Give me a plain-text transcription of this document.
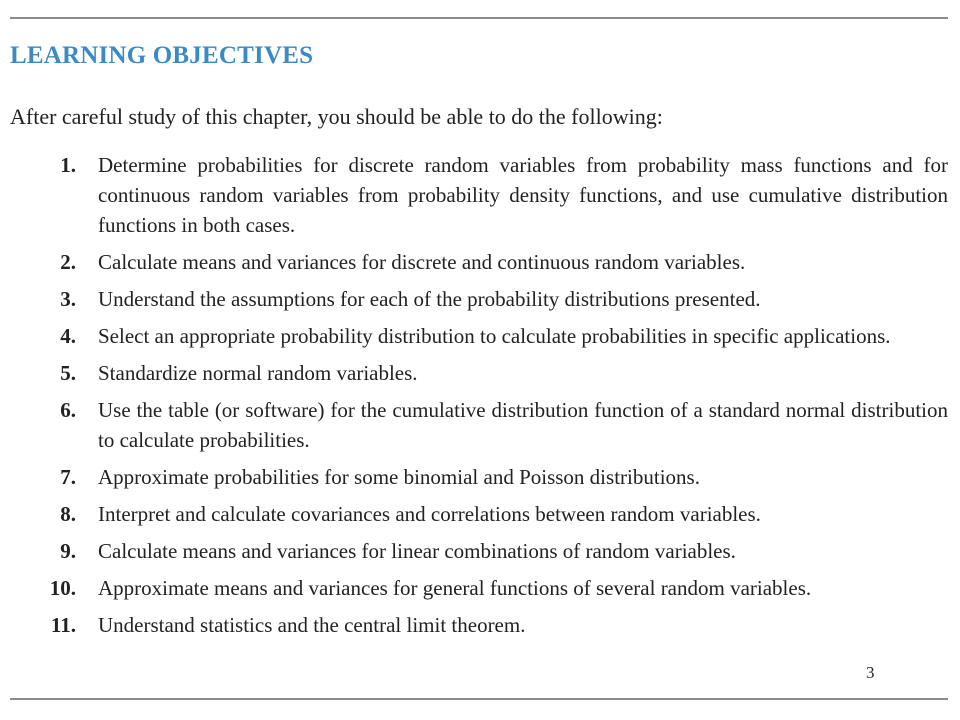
LEARNING OBJECTIVES
After careful study of this chapter, you should be able to do the following:
1. Determine probabilities for discrete random variables from probability mass functions and for continuous random variables from probability density functions, and use cumulative distribution functions in both cases.
2. Calculate means and variances for discrete and continuous random variables.
3. Understand the assumptions for each of the probability distributions presented.
4. Select an appropriate probability distribution to calculate probabilities in specific applications.
5. Standardize normal random variables.
6. Use the table (or software) for the cumulative distribution function of a standard normal distribution to calculate probabilities.
7. Approximate probabilities for some binomial and Poisson distributions.
8. Interpret and calculate covariances and correlations between random variables.
9. Calculate means and variances for linear combinations of random variables.
10. Approximate means and variances for general functions of several random variables.
11. Understand statistics and the central limit theorem.
3
